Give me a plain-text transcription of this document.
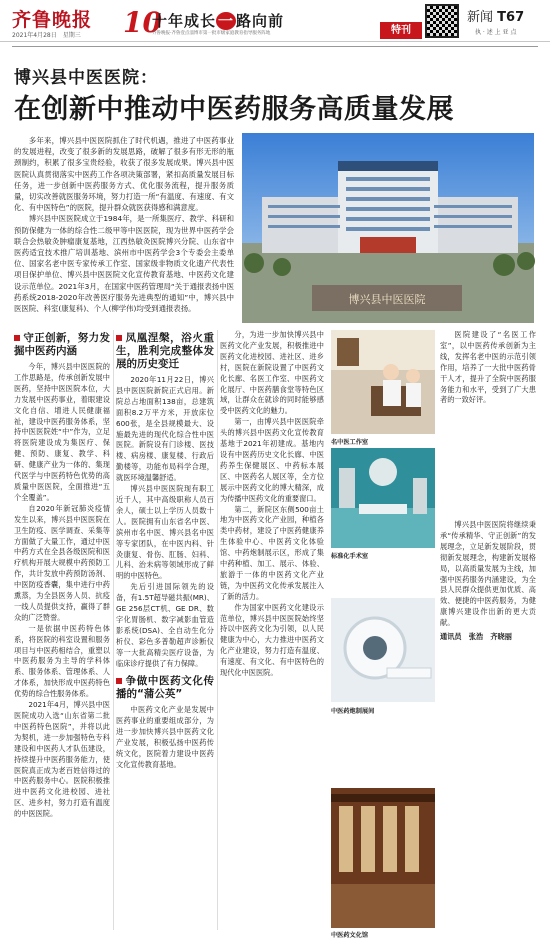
齐鲁晚报
2021年4月28日　星期三 10
十年成长 一 路向前
齐鲁晚报·齐鲁壹点淄博市第一批市级家庭教育指导服务阵地	特刊
新闻 T67
执 · 述 上 亚 点
博兴县中医医院：
在创新中推动中医药服务高质量发展

多年来，博兴县中医医院抓住了时代机遇，推进了中医药事业的发展进程，改变了很多新的发展思路，破解了很多有形无形的瓶颈制约，积累了很多宝贵经验，收获了很多发展成果。博兴县中医医院认真贯彻落实中医药工作各项决策部署，紧扣高质量发展目标任务，进一步创新中医药服务方式、优化服务流程，提升服务质量，切实改善就医服务环境，努力打造一所“有温度、有速度、有文化、有中医特色”的医院，提升群众就医获得感和满意度。

博兴县中医医院成立于1984年，是一所集医疗、教学、科研和预防保健为一体的综合性二级甲等中医医院，现为世界中医药学会联合会热敏灸肿瘤康复基地，江西热敏灸医院博兴分院、山东省中医药适宜技术推广培训基地、滨州市中医药学会3个专委会主委单位、国家名老中医专家传承工作室、国家级非物质文化遗产代表性项目保护单位、博兴县中医医院文化宣传教育基地、中医药文化建设示范单位。2021年3月，在国家中医药管理局“关于通报表扬中医药系统2018-2020年改善医疗服务先进典型的通知”中，博兴县中医医院、科室(康复科)、个人(柳学伟)均受到通报表扬。

博兴县中医医院

守正创新，努力发掘中医药内涵

今年，博兴县中医医院的工作思路是，传承创新发展中医药，坚持中医医院本位，大力发展中医药事业，着眼建设文化自信、增进人民健康福祉，建设中医药服务体系，坚持中医医院姓“中”作为，立足将医院建设成为集医疗、保健、预防、康复、教学、科研、健康产业为一体的、集现代医学与中医药特色优势的高质量中医医院，全面推进“五个全覆盖”。

自2020年新冠肺炎疫情发生以来，博兴县中医医院在卫生防疫、医学调查、采集等方面做了大量工作，通过中医中药方式在全县各级医院和医疗机构开展大规模中药预防工作，共计发放中药预防汤剂、中医防疫香囊，集中进行中药熏蒸，为全县医务人员、抗疫一线人员提供支持，赢得了群众的广泛赞誉。

一是依据中医药特色体系，将医院的科室设置和服务项目与中医药相结合，重塑以中医药服务为主导的学科体系、服务体系、管理体系、人才体系，加快形成中医药特色优势的综合性服务体系。

2021年4月，博兴县中医医院成功入选“山东省第二批中医药特色医院”，并将以此为契机，进一步加强特色专科建设和中医药人才队伍建设，持续提升中医药服务能力，使医院真正成为老百姓信得过的中医药服务中心。医院积极推进中医药文化进校园、进社区、进乡村，努力打造有温度的中医医院。

凤凰涅槃，浴火重生，胜利完成整体发展的历史变迁

2020年11月22日，博兴县中医医院新院正式启用。新院总占地面积138亩，总建筑面积8.2万平方米，开放床位600张，是全县规模最大、设施最先进的现代化综合性中医医院。新院设有门诊楼、医技楼、病房楼、康复楼、行政后勤楼等，功能布局科学合理，就医环境温馨舒适。

博兴县中医医院现有职工近千人，其中高级职称人员百余人，硕士以上学历人员数十人。医院拥有山东省名中医、滨州市名中医、博兴县名中医等专家团队，在中医内科、针灸康复、骨伤、肛肠、妇科、儿科、治未病等领域形成了鲜明的中医特色。

先后引进国际领先的设备，有1.5T超导磁共振(MR)、GE 256层CT机、GE DR、数字化胃肠机、数字减影血管造影系统(DSA)、全自动生化分析仪、彩色多普勒超声诊断仪等一大批高精尖医疗设备，为临床诊疗提供了有力保障。

争做中医药文化传播的“蒲公英”

中医药文化产业是发展中医药事业的重要组成部分，为进一步加快博兴县中医药文化产业发展，积极弘扬中医药传统文化，医院着力建设中医药文化宣传教育基地。

分，为进一步加快博兴县中医药文化产业发展，积极推进中医药文化进校园、进社区、进乡村，医院在新院设置了中医药文化长廊、名医工作室、中医药文化展厅、中医药膳食堂等特色区域，让群众在就诊的同时能够感受中医药文化的魅力。

第一，由博兴县中医医院牵头的博兴县中医药文化宣传教育基地于2021年初建成。基地内设有中医药历史文化长廊、中医药养生保健展区、中药标本展区、中医药名人展区等，全方位展示中医药文化的博大精深，成为传播中医药文化的重要窗口。

第二，新院区东侧500亩土地为中医药文化产业园，种植各类中药材，建设了中医药健康养生体验中心、中医药文化体验馆、中药炮制展示区，形成了集中药种植、加工、展示、体验、旅游于一体的中医药文化产业链，为中医药文化传承发展注入了新的活力。

作为国家中医药文化建设示范单位，博兴县中医医院始终坚持以中医药文化为引领，以人民健康为中心，大力推进中医药文化产业建设，努力打造有温度、有速度、有文化、有中医特色的现代化中医医院。

名中医工作室
标准化手术室
中医药炮制展间
中医药文化馆

医院建设了“名医工作室”，以中医药传承创新为主线，发挥名老中医的示范引领作用，培养了一大批中医药骨干人才，提升了全院中医药服务能力和水平，受到了广大患者的一致好评。

博兴县中医医院将继续秉承“传承精华、守正创新”的发展理念，立足新发展阶段，贯彻新发展理念，构建新发展格局，以高质量发展为主线，加强中医药服务内涵建设，为全县人民群众提供更加优质、高效、便捷的中医药服务，为健康博兴建设作出新的更大贡献。

通讯员　张浩　齐晓丽
